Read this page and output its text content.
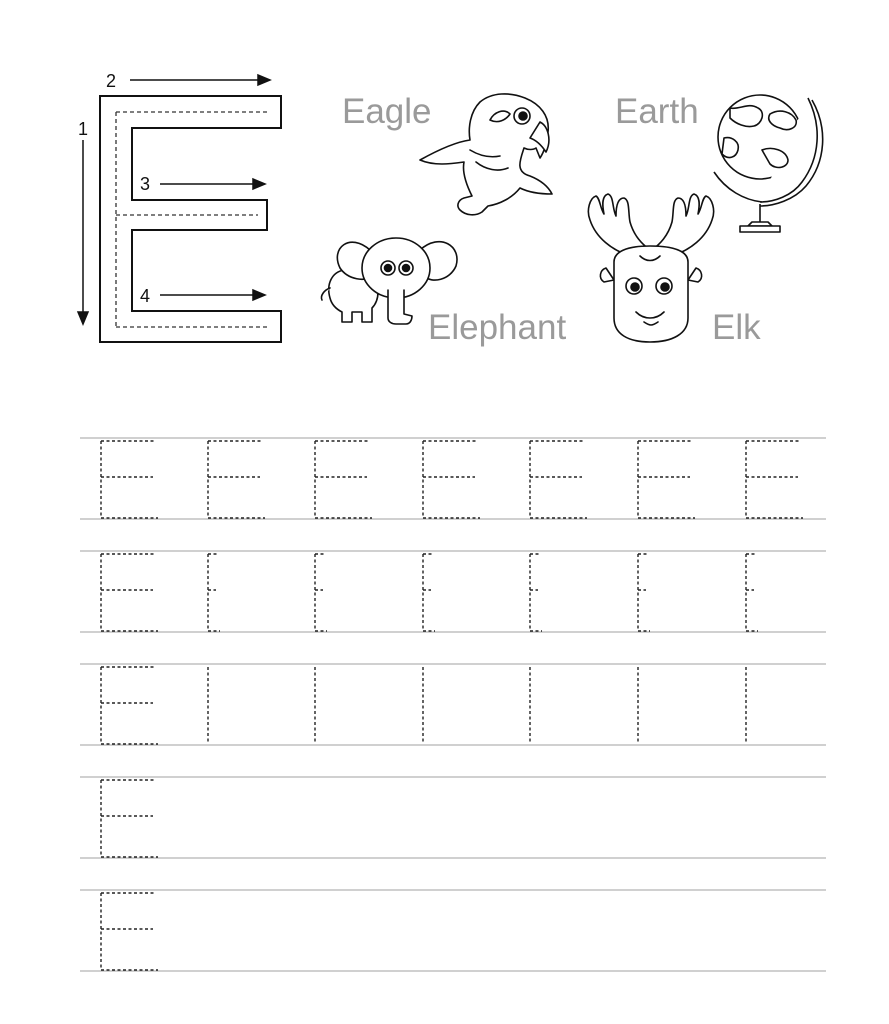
1
2
3
4
Eagle	Earth
Elephant	Elk
